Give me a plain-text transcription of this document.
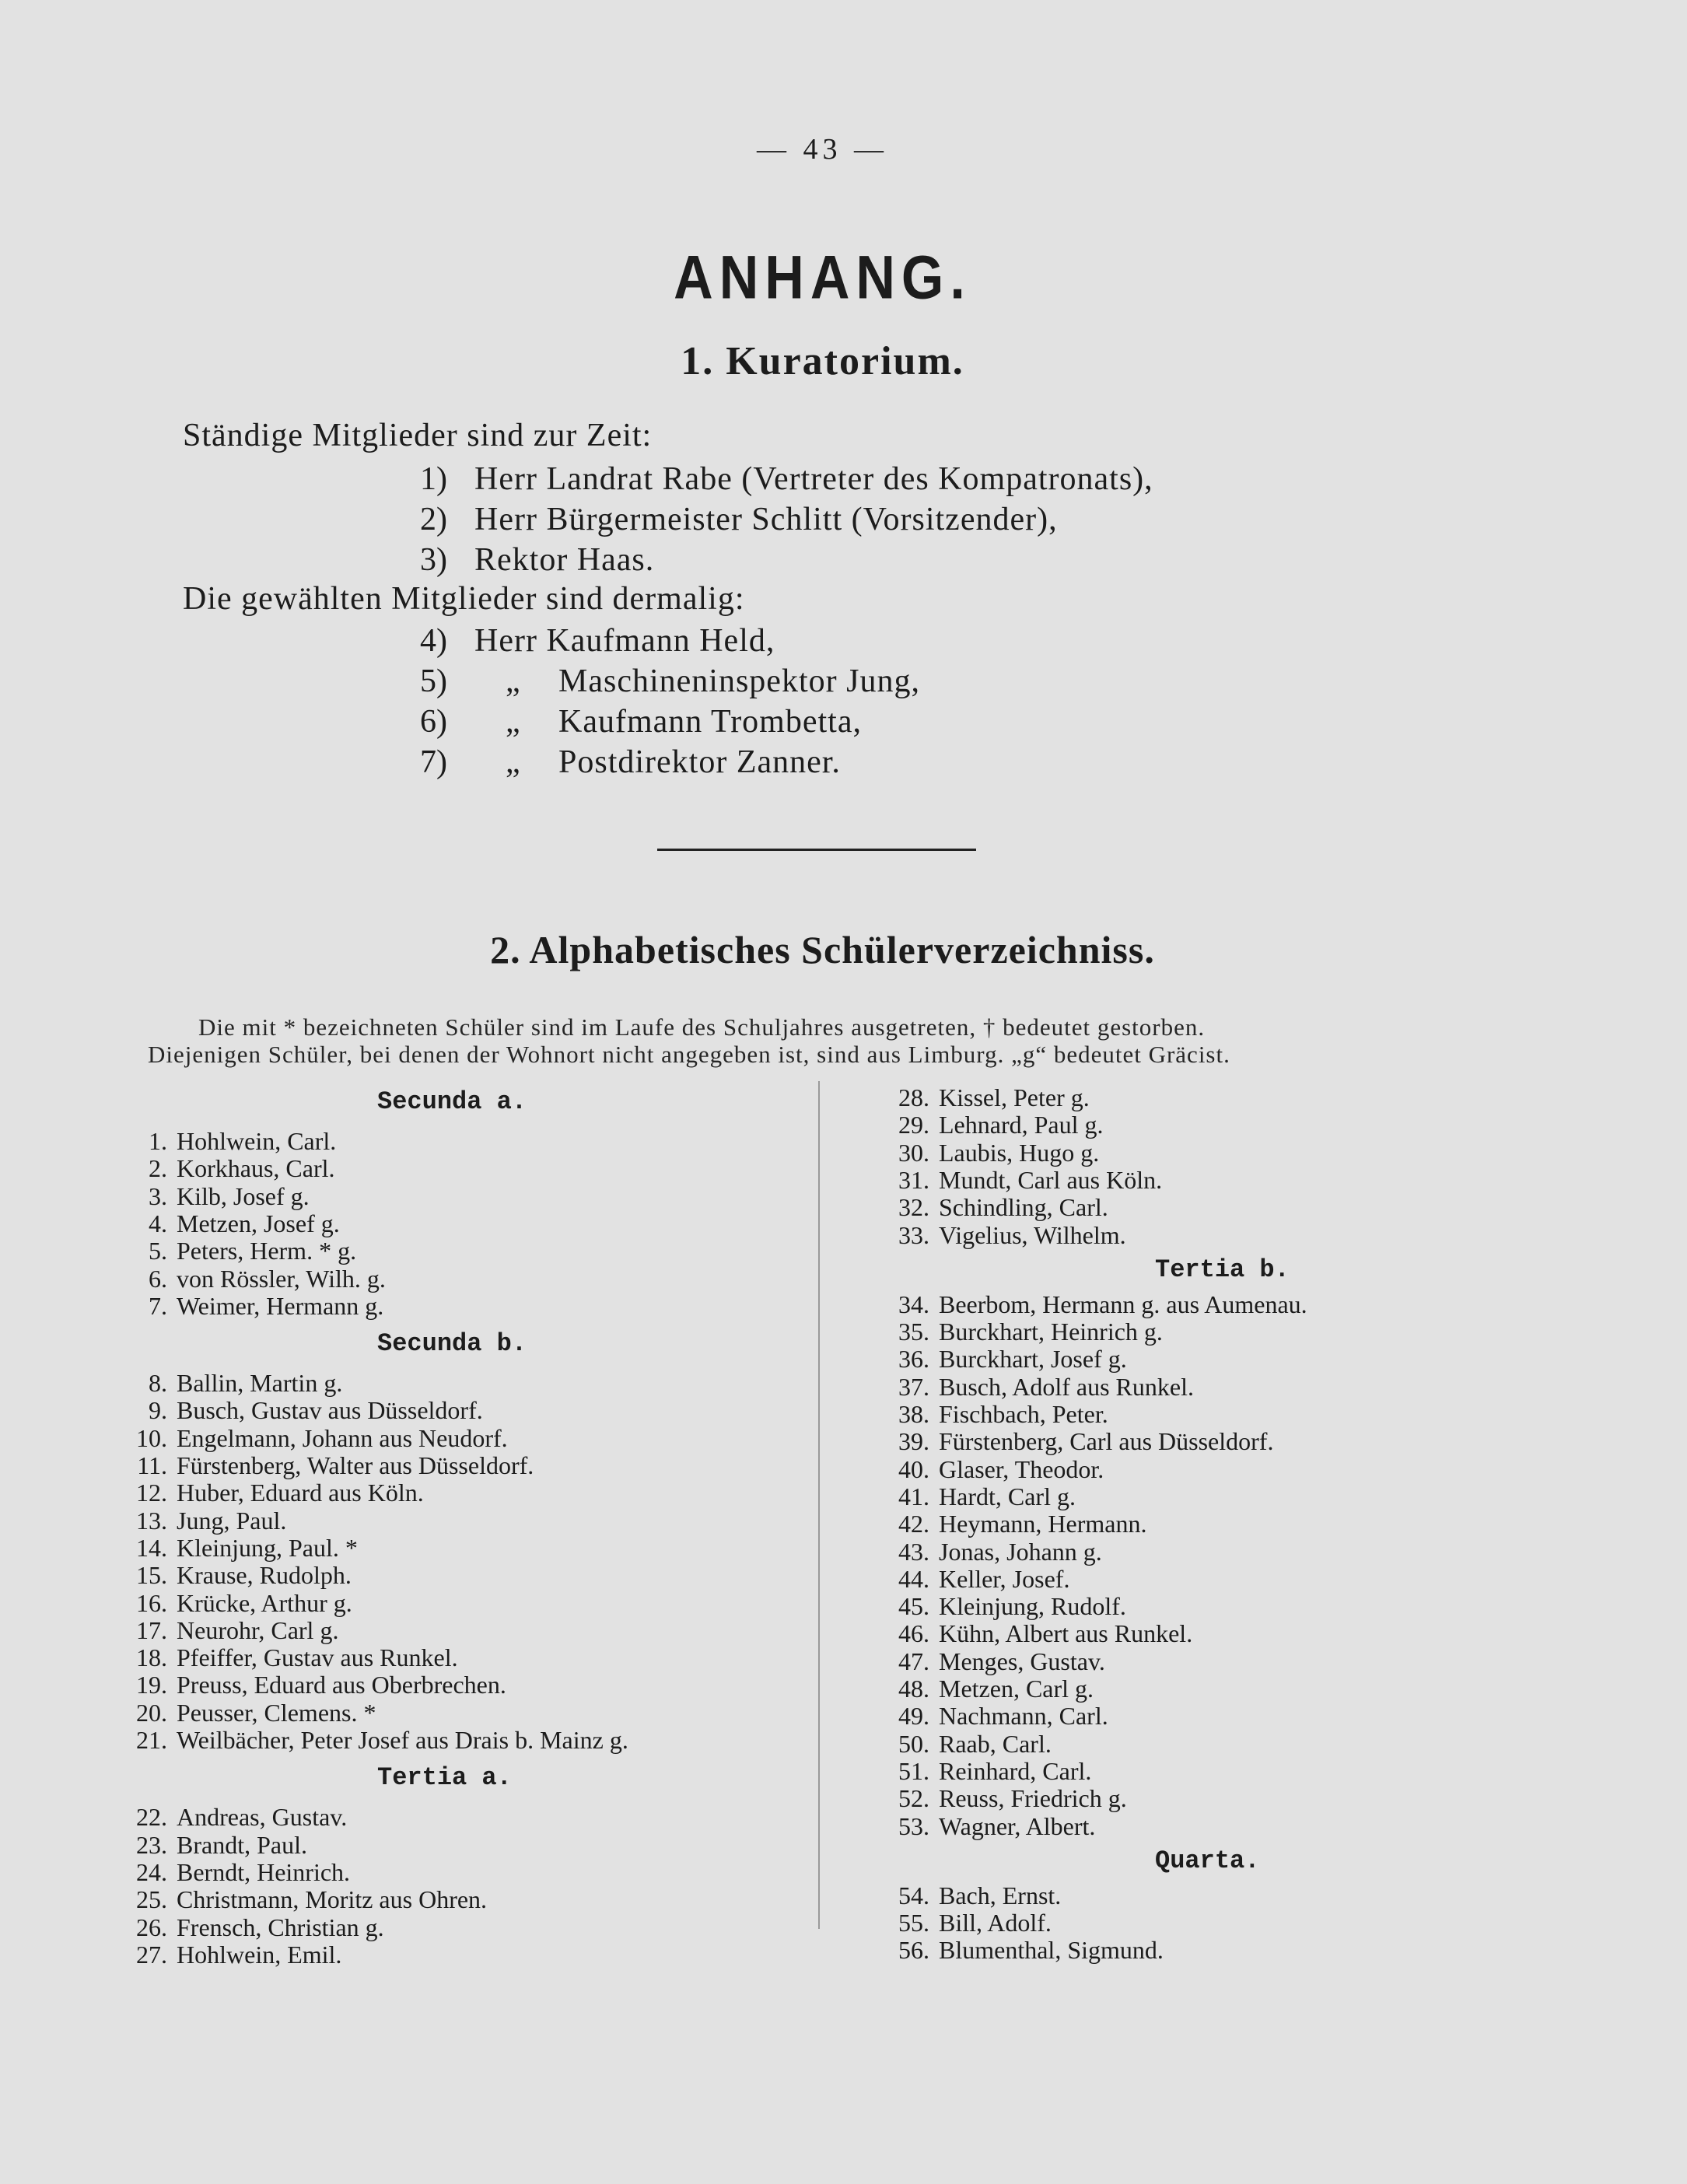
— 43 —
ANHANG.
1. Kuratorium.
Ständige Mitglieder sind zur Zeit:
1) Herr Landrat Rabe (Vertreter des Kompatronats),
2) Herr Bürgermeister Schlitt (Vorsitzender),
3) Rektor Haas.
Die gewählten Mitglieder sind dermalig:
4) Herr Kaufmann Held,
5) „ Maschineninspektor Jung,
6) „ Kaufmann Trombetta,
7) „ Postdirektor Zanner.
2. Alphabetisches Schülerverzeichniss.
Die mit * bezeichneten Schüler sind im Laufe des Schuljahres ausgetreten, † bedeutet gestorben.
Diejenigen Schüler, bei denen der Wohnort nicht angegeben ist, sind aus Limburg. „g“ bedeutet Gräcist.
Secunda a.
1. Hohlwein, Carl.
2. Korkhaus, Carl.
3. Kilb, Josef g.
4. Metzen, Josef g.
5. Peters, Herm. * g.
6. von Rössler, Wilh. g.
7. Weimer, Hermann g.
Secunda b.
8. Ballin, Martin g.
9. Busch, Gustav aus Düsseldorf.
10. Engelmann, Johann aus Neudorf.
11. Fürstenberg, Walter aus Düsseldorf.
12. Huber, Eduard aus Köln.
13. Jung, Paul.
14. Kleinjung, Paul. *
15. Krause, Rudolph.
16. Krücke, Arthur g.
17. Neurohr, Carl g.
18. Pfeiffer, Gustav aus Runkel.
19. Preuss, Eduard aus Oberbrechen.
20. Peusser, Clemens. *
21. Weilbächer, Peter Josef aus Drais b. Mainz g.
Tertia a.
22. Andreas, Gustav.
23. Brandt, Paul.
24. Berndt, Heinrich.
25. Christmann, Moritz aus Ohren.
26. Frensch, Christian g.
27. Hohlwein, Emil.
28. Kissel, Peter g.
29. Lehnard, Paul g.
30. Laubis, Hugo g.
31. Mundt, Carl aus Köln.
32. Schindling, Carl.
33. Vigelius, Wilhelm.
Tertia b.
34. Beerbom, Hermann g. aus Aumenau.
35. Burckhart, Heinrich g.
36. Burckhart, Josef g.
37. Busch, Adolf aus Runkel.
38. Fischbach, Peter.
39. Fürstenberg, Carl aus Düsseldorf.
40. Glaser, Theodor.
41. Hardt, Carl g.
42. Heymann, Hermann.
43. Jonas, Johann g.
44. Keller, Josef.
45. Kleinjung, Rudolf.
46. Kühn, Albert aus Runkel.
47. Menges, Gustav.
48. Metzen, Carl g.
49. Nachmann, Carl.
50. Raab, Carl.
51. Reinhard, Carl.
52. Reuss, Friedrich g.
53. Wagner, Albert.
Quarta.
54. Bach, Ernst.
55. Bill, Adolf.
56. Blumenthal, Sigmund.
